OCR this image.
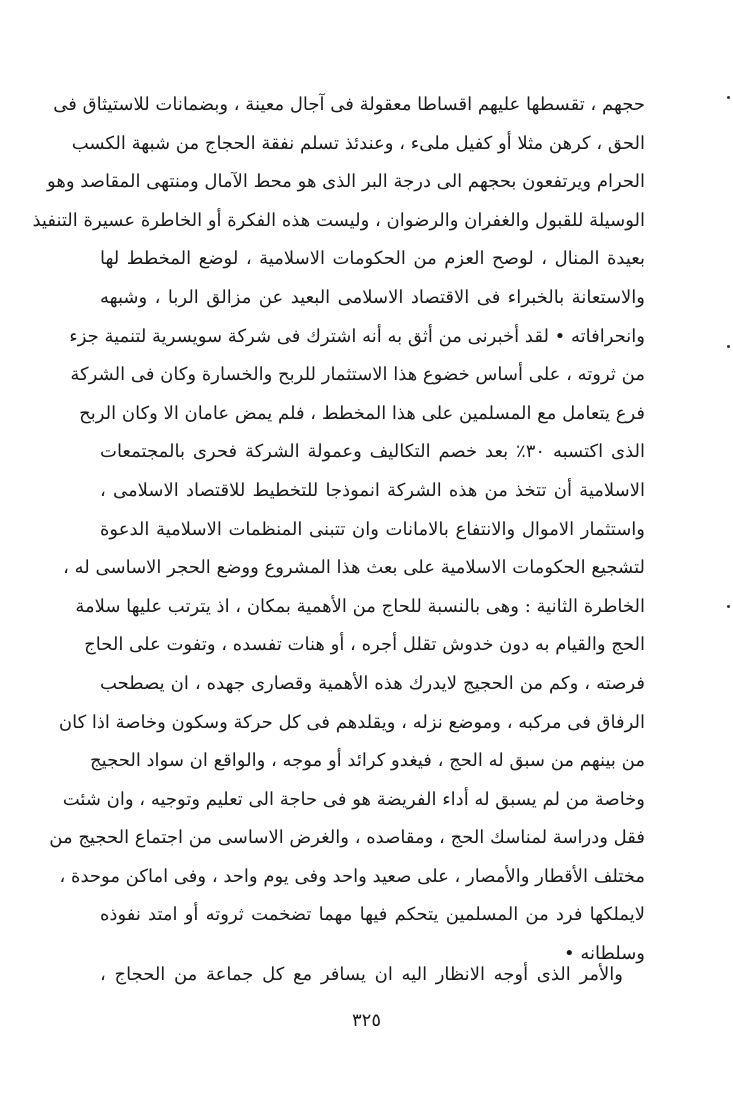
حجهم ، تقسطها عليهم اقساطا معقولة فى آجال معينة ، وبضمانات للاستيثاق فى
الحق ، كرهن مثلا أو كفيل ملىء ، وعندئذ تسلم نفقة الحجاج من شبهة الكسب
الحرام ويرتفعون بحجهم الى درجة البر الذى هو محط الآمال ومنتهى المقاصد وهو
الوسيلة للقبول والغفران والرضوان ، وليست هذه الفكرة أو الخاطرة عسيرة التنفيذ
بعيدة المنال ، لوصح العزم من الحكومات الاسلامية ، لوضع المخطط لها
والاستعانة بالخبراء فى الاقتصاد الاسلامى البعيد عن مزالق الربا ، وشبهه
وانحرافاته • لقد أخبرنى من أثق به أنه اشترك فى شركة سويسرية لتنمية جزء
من ثروته ، على أساس خضوع هذا الاستثمار للربح والخسارة وكان فى الشركة
فرع يتعامل مع المسلمين على هذا المخطط ، فلم يمض عامان الا وكان الربح
الذى اكتسبه ٣٠٪ بعد خصم التكاليف وعمولة الشركة فحرى بالمجتمعات
الاسلامية أن تتخذ من هذه الشركة انموذجا للتخطيط للاقتصاد الاسلامى ،
واستثمار الاموال والانتفاع بالامانات وان تتبنى المنظمات الاسلامية الدعوة
لتشجيع الحكومات الاسلامية على بعث هذا المشروع ووضع الحجر الاساسى له ،
الخاطرة الثانية : وهى بالنسبة للحاج من الأهمية بمكان ، اذ يترتب عليها سلامة
الحج والقيام به دون خدوش تقلل أجره ، أو هنات تفسده ، وتفوت على الحاج
فرصته ، وكم من الحجيج لايدرك هذه الأهمية وقصارى جهده ، ان يصطحب
الرفاق فى مركبه ، وموضع نزله ، ويقلدهم فى كل حركة وسكون وخاصة اذا كان
من بينهم من سبق له الحج ، فيغدو كرائد أو موجه ، والواقع ان سواد الحجيج
وخاصة من لم يسبق له أداء الفريضة هو فى حاجة الى تعليم وتوجيه ، وان شئت
فقل ودراسة لمناسك الحج ، ومقاصده ، والغرض الاساسى من اجتماع الحجيج من
مختلف الأقطار والأمصار ، على صعيد واحد وفى يوم واحد ، وفى اماكن موحدة ،
لايملكها فرد من المسلمين يتحكم فيها مهما تضخمت ثروته أو امتد نفوذه
وسلطانه •
والأمر الذى أوجه الانظار اليه ان يسافر مع كل جماعة من الحجاج ،
٣٢٥
